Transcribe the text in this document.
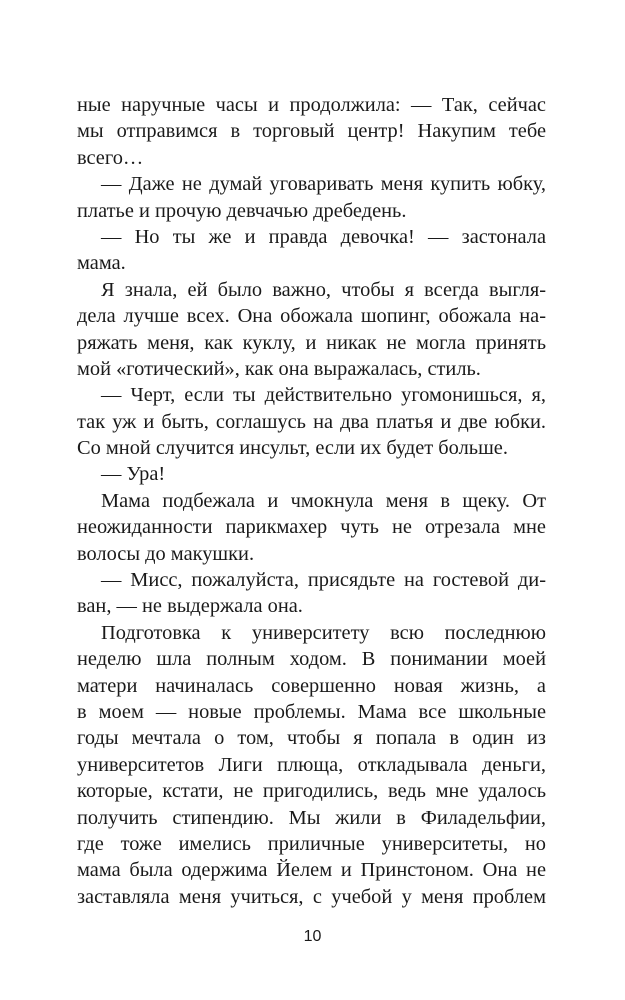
ные наручные часы и продолжила: — Так, сейчас
мы отправимся в торговый центр! Накупим тебе
всего…
— Даже не думай уговаривать меня купить юбку,
платье и прочую девчачью дребедень.
— Но ты же и правда девочка! — застонала
мама.
Я знала, ей было важно, чтобы я всегда выгля-
дела лучше всех. Она обожала шопинг, обожала на-
ряжать меня, как куклу, и никак не могла принять
мой «готический», как она выражалась, стиль.
— Черт, если ты действительно угомонишься, я,
так уж и быть, соглашусь на два платья и две юбки.
Со мной случится инсульт, если их будет больше.
— Ура!
Мама подбежала и чмокнула меня в щеку. От
неожиданности парикмахер чуть не отрезала мне
волосы до макушки.
— Мисс, пожалуйста, присядьте на гостевой ди-
ван, — не выдержала она.
Подготовка к университету всю последнюю
неделю шла полным ходом. В понимании моей
матери начиналась совершенно новая жизнь, а
в моем — новые проблемы. Мама все школьные
годы мечтала о том, чтобы я попала в один из
университетов Лиги плюща, откладывала деньги,
которые, кстати, не пригодились, ведь мне удалось
получить стипендию. Мы жили в Филадельфии,
где тоже имелись приличные университеты, но
мама была одержима Йелем и Принстоном. Она не
заставляла меня учиться, с учебой у меня проблем
10
